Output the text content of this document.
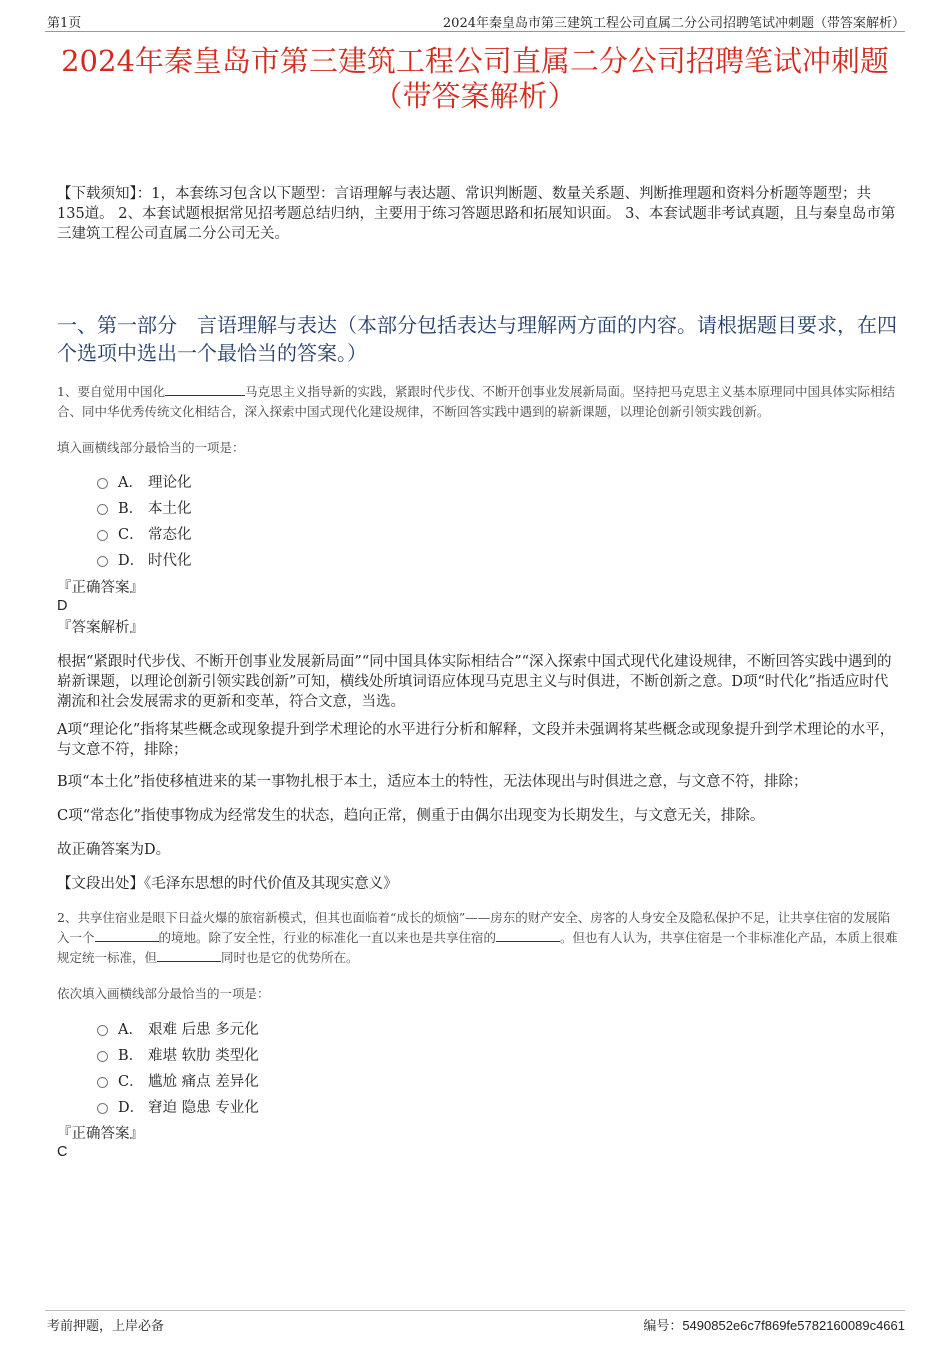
第1页	2024年秦皇岛市第三建筑工程公司直属二分公司招聘笔试冲刺题（带答案解析）
2024年秦皇岛市第三建筑工程公司直属二分公司招聘笔试冲刺题（带答案解析）
【下载须知】：1，本套练习包含以下题型：言语理解与表达题、常识判断题、数量关系题、判断推理题和资料分析题等题型；共135道。 2、本套试题根据常见招考题总结归纳，主要用于练习答题思路和拓展知识面。 3、本套试题非考试真题，且与秦皇岛市第三建筑工程公司直属二分公司无关。
一、第一部分　言语理解与表达（本部分包括表达与理解两方面的内容。请根据题目要求，在四个选项中选出一个最恰当的答案。）
1、要自觉用中国化	马克思主义指导新的实践，紧跟时代步伐、不断开创事业发展新局面。坚持把马克思主义基本原理同中国具体实际相结合、同中华优秀传统文化相结合，深入探索中国式现代化建设规律，不断回答实践中遇到的崭新课题，以理论创新引领实践创新。
填入画横线部分最恰当的一项是：
A． 理论化
B． 本土化
C． 常态化
D． 时代化
『正确答案』
D
『答案解析』
根据“紧跟时代步伐、不断开创事业发展新局面”“同中国具体实际相结合”“深入探索中国式现代化建设规律，不断回答实践中遇到的崭新课题，以理论创新引领实践创新”可知，横线处所填词语应体现马克思主义与时俱进，不断创新之意。D项“时代化”指适应时代潮流和社会发展需求的更新和变革，符合文意，当选。
A项“理论化”指将某些概念或现象提升到学术理论的水平进行分析和解释，文段并未强调将某些概念或现象提升到学术理论的水平，与文意不符，排除；
B项“本土化”指使移植进来的某一事物扎根于本土，适应本土的特性，无法体现出与时俱进之意，与文意不符，排除；
C项“常态化”指使事物成为经常发生的状态，趋向正常，侧重于由偶尔出现变为长期发生，与文意无关，排除。
故正确答案为D。
【文段出处】《毛泽东思想的时代价值及其现实意义》
2、共享住宿业是眼下日益火爆的旅宿新模式，但其也面临着“成长的烦恼”——房东的财产安全、房客的人身安全及隐私保护不足，让共享住宿的发展陷入一个	的境地。除了安全性，行业的标准化一直以来也是共享住宿的	。但也有人认为，共享住宿是一个非标准化产品，本质上很难规定统一标准，但	同时也是它的优势所在。
依次填入画横线部分最恰当的一项是：
A． 艰难 后患 多元化
B． 难堪 软肋 类型化
C． 尴尬 痛点 差异化
D． 窘迫 隐患 专业化
『正确答案』
C
考前押题，上岸必备	编号：5490852e6c7f869fe5782160089c4661
